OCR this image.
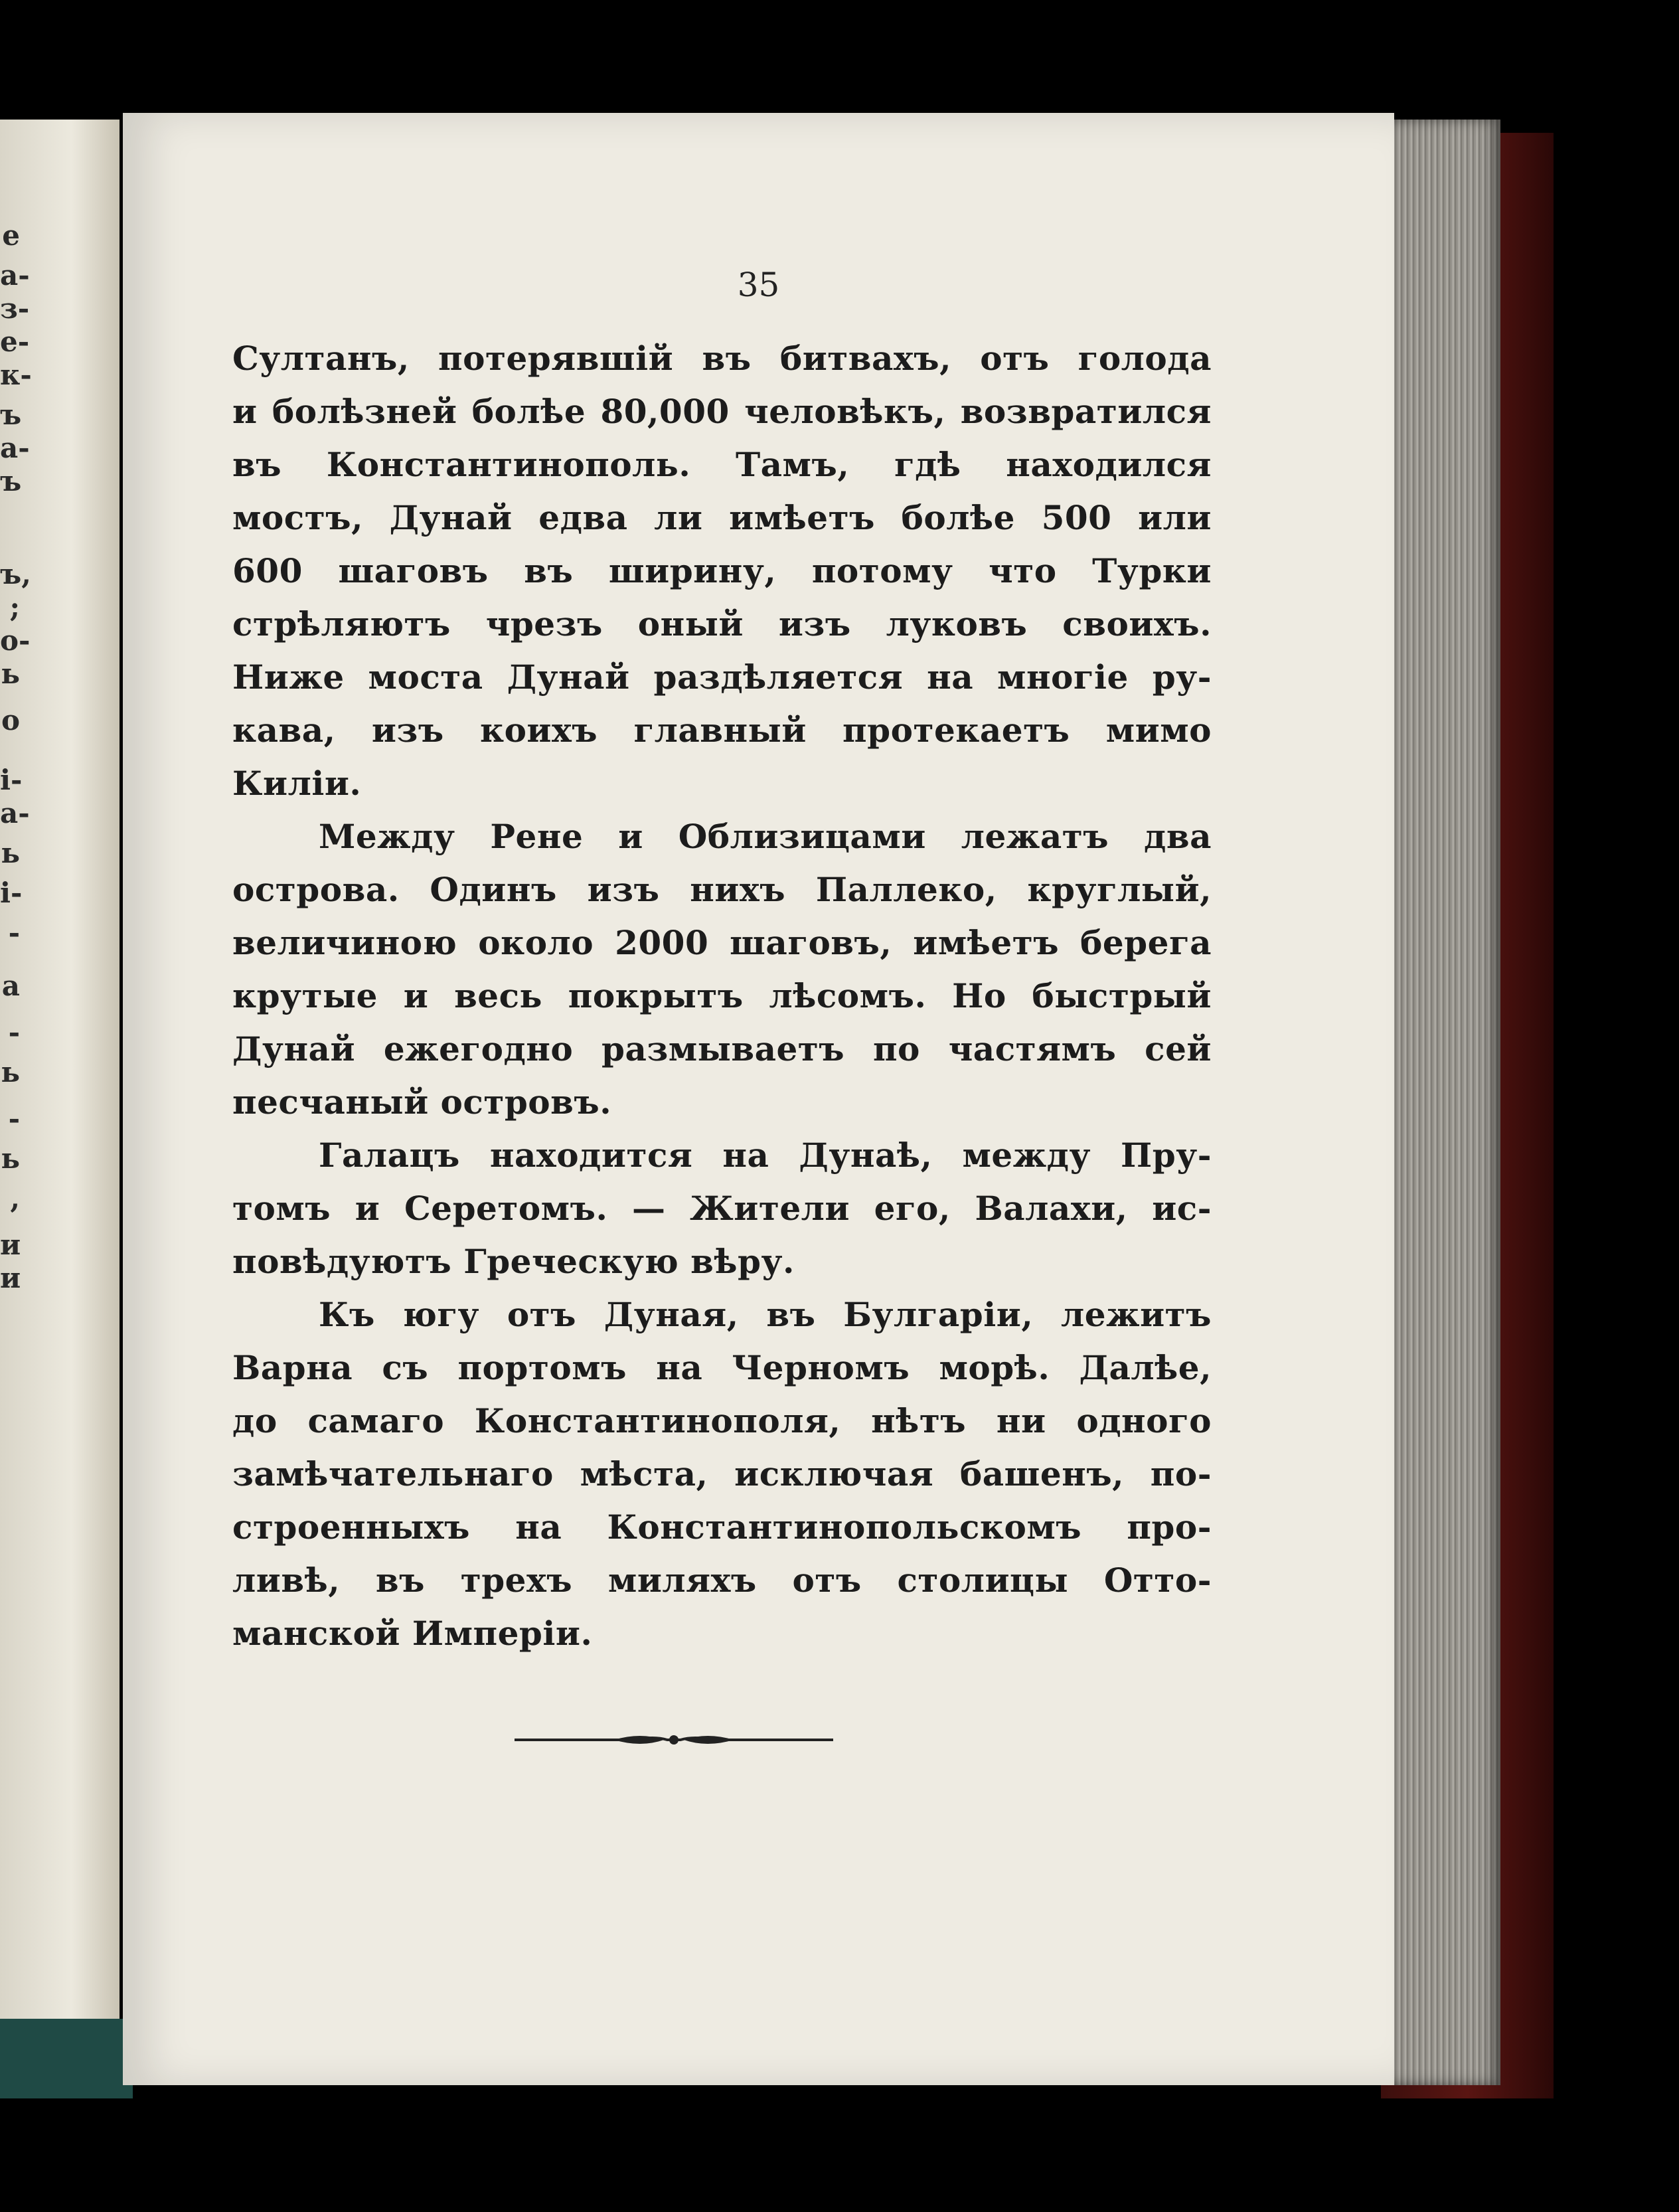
е
а-
з-
е-
к-
ъ
а-
ъ
ъ,
;
о-
ь
о
і-
а-
ь
і-
-
а
-
ь
-
ь
,
и
и
35
Султанъ, потерявшій въ битвахъ, отъ голода
и болѣзней болѣе 80,000 человѣкъ, возвратился
въ Константинополь. Тамъ, гдѣ находился
мостъ, Дунай едва ли имѣетъ болѣе 500 или
600 шаговъ въ ширину, потому что Турки
стрѣляютъ чрезъ оный изъ луковъ своихъ.
Ниже моста Дунай раздѣляется на многіе ру-
кава, изъ коихъ главный протекаетъ мимо
Киліи.
Между Рене и Облизицами лежатъ два
острова. Одинъ изъ нихъ Паллеко, круглый,
величиною около 2000 шаговъ, имѣетъ берега
крутые и весь покрытъ лѣсомъ. Но быстрый
Дунай ежегодно размываетъ по частямъ сей
песчаный островъ.
Галацъ находится на Дунаѣ, между Пру-
томъ и Серетомъ. — Жители его, Валахи, ис-
повѣдуютъ Греческую вѣру.
Къ югу отъ Дуная, въ Булгаріи, лежитъ
Варна съ портомъ на Черномъ морѣ. Далѣе,
до самаго Константинополя, нѣтъ ни одного
замѣчательнаго мѣста, исключая башенъ, по-
строенныхъ на Константинопольскомъ про-
ливѣ, въ трехъ миляхъ отъ столицы Отто-
манской Имперіи.
